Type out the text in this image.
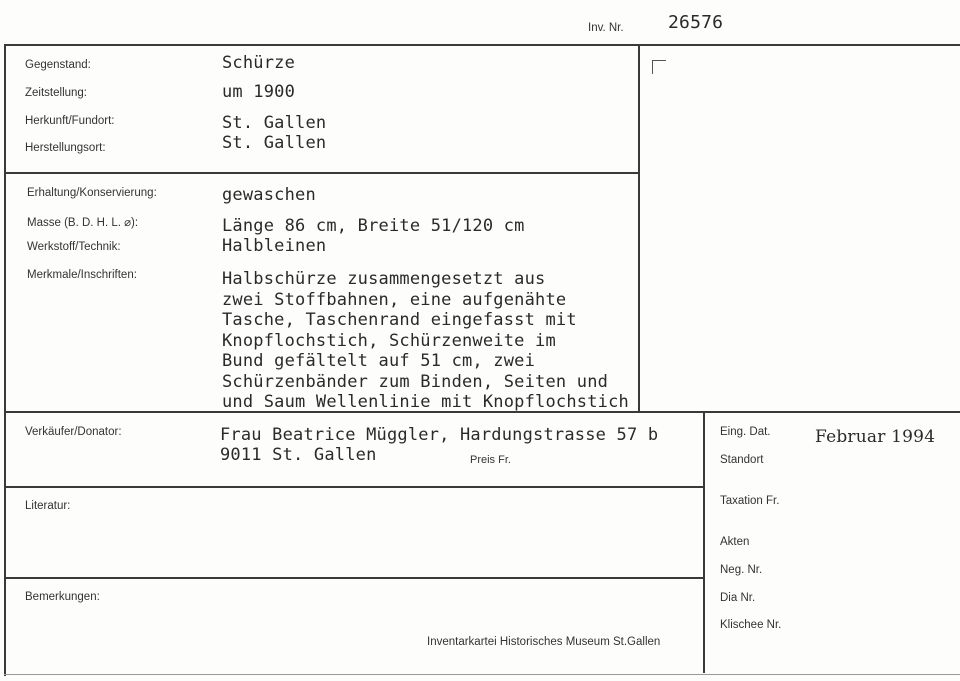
Inv. Nr. 26576
Gegenstand:	Schürze
Zeitstellung:	um 1900
Herkunft/Fundort:	St. Gallen
Herstellungsort:	St. Gallen
Erhaltung/Konservierung:	gewaschen
Masse (B. D. H. L. ⌀):	Länge 86 cm, Breite 51/120 cm
Werkstoff/Technik:	Halbleinen
Merkmale/Inschriften:	Halbschürze zusammengesetzt aus
zwei Stoffbahnen, eine aufgenähte
Tasche, Taschenrand eingefasst mit
Knopflochstich, Schürzenweite im
Bund gefältelt auf 51 cm, zwei
Schürzenbänder zum Binden, Seiten und
und Saum Wellenlinie mit Knopflochstich
Verkäufer/Donator:	Frau Beatrice Müggler, Hardungstrasse 57 b
9011 St. Gallen	Preis Fr.
Literatur:
Bemerkungen:
Eing. Dat.	Februar 1994
Standort
Taxation Fr.
Akten
Neg. Nr.
Dia Nr.
Klischee Nr.
Inventarkartei Historisches Museum St.Gallen
